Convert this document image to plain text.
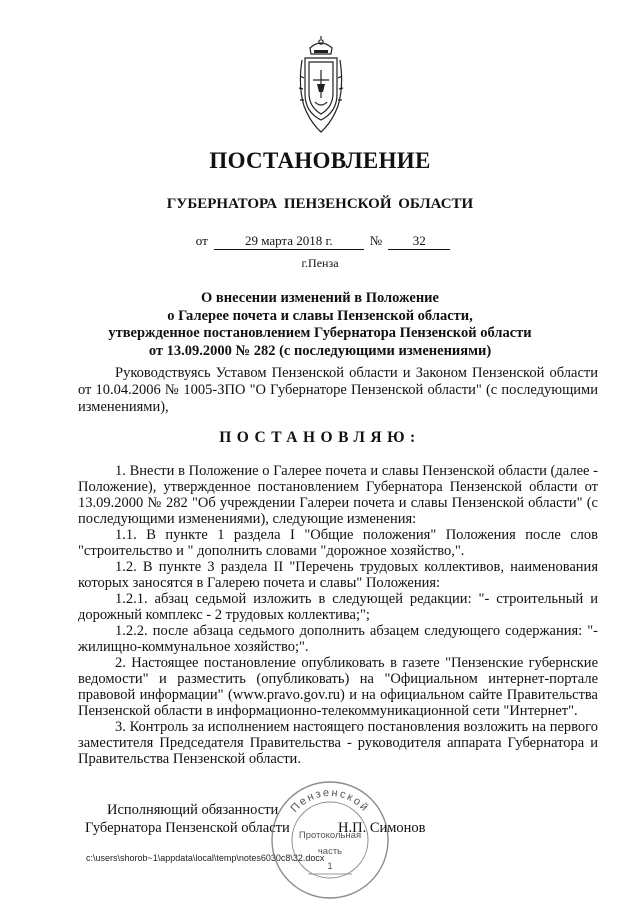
ПОСТАНОВЛЕНИЕ
ГУБЕРНАТОРА ПЕНЗЕНСКОЙ ОБЛАСТИ
от	29 марта 2018 г.	№ 32
г.Пенза
О внесении изменений в Положение
о Галерее почета и славы Пензенской области,
утвержденное постановлением Губернатора Пензенской области
от 13.09.2000 № 282 (с последующими изменениями)
Руководствуясь Уставом Пензенской области и Законом Пензенской области от 10.04.2006 № 1005-ЗПО "О Губернаторе Пензенской области" (с последующими изменениями),
ПОСТАНОВЛЯЮ:

1. Внести в Положение о Галерее почета и славы Пензенской области (далее - Положение), утвержденное постановлением Губернатора Пензенской области от 13.09.2000 № 282 "Об учреждении Галереи почета и славы Пензенской области" (с последующими изменениями), следующие изменения:

1.1. В пункте 1 раздела I "Общие положения" Положения после слов "строительство и " дополнить словами "дорожное хозяйство,".

1.2. В пункте 3 раздела II "Перечень трудовых коллективов, наименования которых заносятся в Галерею почета и славы" Положения:

1.2.1. абзац седьмой изложить в следующей редакции: "- строительный и дорожный комплекс - 2 трудовых коллектива;";

1.2.2. после абзаца седьмого дополнить абзацем следующего содержания: "- жилищно-коммунальное хозяйство;".

2. Настоящее постановление опубликовать в газете "Пензенские губернские ведомости" и разместить (опубликовать) на "Официальном интернет-портале правовой информации" (www.pravo.gov.ru) и на официальном сайте Правительства Пензенской области в информационно-телекоммуникационной сети "Интернет".

3. Контроль за исполнением настоящего постановления возложить на первого заместителя Председателя Правительства - руководителя аппарата Губернатора и Правительства Пензенской области.

Исполняющий обязанности
Губернатора Пензенской области	Н.П. Симонов
c:\users\shorob~1\appdata\local\temp\notes6030c8\32.docx
Пензенской
Протокольная
часть
1
